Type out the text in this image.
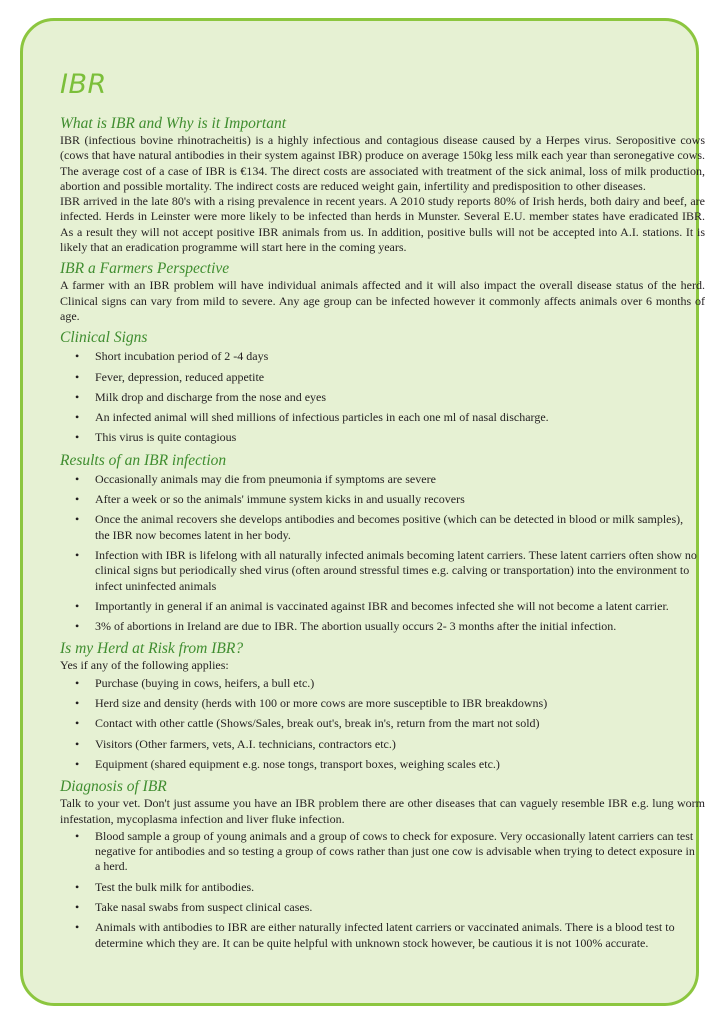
IBR
What is IBR and Why is it Important

IBR (infectious bovine rhinotracheitis) is a highly infectious and contagious disease caused by a Herpes virus. Seropositive cows (cows that have natural antibodies in their system against IBR) produce on average 150kg less milk each year than seronegative cows. The average cost of a case of IBR is €134. The direct costs are associated with treatment of the sick animal, loss of milk production, abortion and possible mortality. The indirect costs are reduced weight gain, infertility and predisposition to other diseases.

IBR arrived in the late 80's with a rising prevalence in recent years. A 2010 study reports 80% of Irish herds, both dairy and beef, are infected. Herds in Leinster were more likely to be infected than herds in Munster. Several E.U. member states have eradicated IBR. As a result they will not accept positive IBR animals from us. In addition, positive bulls will not be accepted into A.I. stations. It is likely that an eradication programme will start here in the coming years.

IBR a Farmers Perspective

A farmer with an IBR problem will have individual animals affected and it will also impact the overall disease status of the herd. Clinical signs can vary from mild to severe. Any age group can be infected however it commonly affects animals over 6 months of age.

Clinical Signs
• Short incubation period of 2 -4 days
• Fever, depression, reduced appetite
• Milk drop and discharge from the nose and eyes
• An infected animal will shed millions of infectious particles in each one ml of nasal discharge.
• This virus is quite contagious
Results of an IBR infection
• Occasionally animals may die from pneumonia if symptoms are severe
• After a week or so the animals' immune system kicks in and usually recovers
• Once the animal recovers she develops antibodies and becomes positive (which can be detected in blood or milk samples), the IBR now becomes latent in her body.
• Infection with IBR is lifelong with all naturally infected animals becoming latent carriers. These latent carriers often show no clinical signs but periodically shed virus (often around stressful times e.g. calving or transportation) into the environment to infect uninfected animals
• Importantly in general if an animal is vaccinated against IBR and becomes infected she will not become a latent carrier.
• 3% of abortions in Ireland are due to IBR. The abortion usually occurs 2- 3 months after the initial infection.
Is my Herd at Risk from IBR?

Yes if any of the following applies:

• Purchase (buying in cows, heifers, a bull etc.)
• Herd size and density (herds with 100 or more cows are more susceptible to IBR breakdowns)
• Contact with other cattle (Shows/Sales, break out's, break in's, return from the mart not sold)
• Visitors (Other farmers, vets, A.I. technicians, contractors etc.)
• Equipment (shared equipment e.g. nose tongs, transport boxes, weighing scales etc.)
Diagnosis of IBR

Talk to your vet. Don't just assume you have an IBR problem there are other diseases that can vaguely resemble IBR e.g. lung worm infestation, mycoplasma infection and liver fluke infection.

• Blood sample a group of young animals and a group of cows to check for exposure. Very occasionally latent carriers can test negative for antibodies and so testing a group of cows rather than just one cow is advisable when trying to detect exposure in a herd.
• Test the bulk milk for antibodies.
• Take nasal swabs from suspect clinical cases.
• Animals with antibodies to IBR are either naturally infected latent carriers or vaccinated animals. There is a blood test to determine which they are. It can be quite helpful with unknown stock however, be cautious it is not 100% accurate.
